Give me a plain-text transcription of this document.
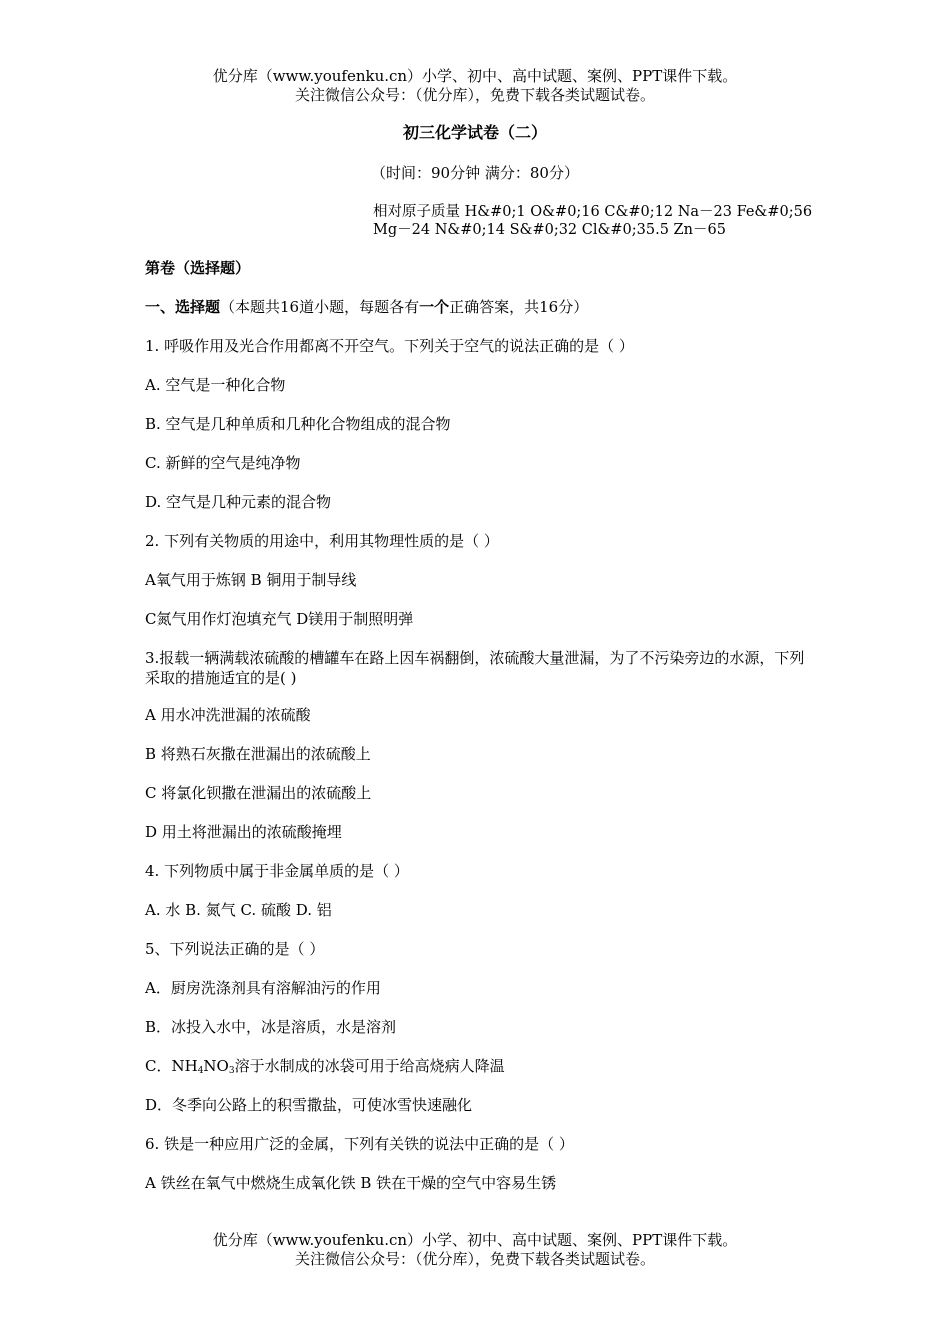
优分库（www.youfenku.cn）小学、初中、高中试题、案例、PPT课件下载。
关注微信公众号：（优分库），免费下载各类试题试卷。
初三化学试卷（二）
（时间：90分钟 满分：80分）
相对原子质量 H&#0;1 O&#0;16 C&#0;12 Na－23 Fe&#0;56
Mg－24 N&#0;14 S&#0;32 Cl&#0;35.5 Zn－65
第卷（选择题）
一、选择题（本题共16道小题，每题各有一个正确答案，共16分）
1. 呼吸作用及光合作用都离不开空气。下列关于空气的说法正确的是（ ）
A. 空气是一种化合物
B. 空气是几种单质和几种化合物组成的混合物
C. 新鲜的空气是纯净物
D. 空气是几种元素的混合物
2. 下列有关物质的用途中，利用其物理性质的是（ ）
A氧气用于炼钢 B 铜用于制导线
C氮气用作灯泡填充气 D镁用于制照明弹
3.报载一辆满载浓硫酸的槽罐车在路上因车祸翻倒，浓硫酸大量泄漏，为了不污染旁边的水源，下列采取的措施适宜的是( )
A 用水冲洗泄漏的浓硫酸
B 将熟石灰撒在泄漏出的浓硫酸上
C 将氯化钡撒在泄漏出的浓硫酸上
D 用土将泄漏出的浓硫酸掩埋
4. 下列物质中属于非金属单质的是（ ）
A. 水 B. 氮气 C. 硫酸 D. 铝
5、下列说法正确的是（ ）
A．厨房洗涤剂具有溶解油污的作用
B．冰投入水中，冰是溶质，水是溶剂
C．NH4NO3溶于水制成的冰袋可用于给高烧病人降温
D．冬季向公路上的积雪撒盐，可使冰雪快速融化
6. 铁是一种应用广泛的金属，下列有关铁的说法中正确的是（ ）
A 铁丝在氧气中燃烧生成氧化铁 B 铁在干燥的空气中容易生锈
优分库（www.youfenku.cn）小学、初中、高中试题、案例、PPT课件下载。
关注微信公众号：（优分库），免费下载各类试题试卷。
